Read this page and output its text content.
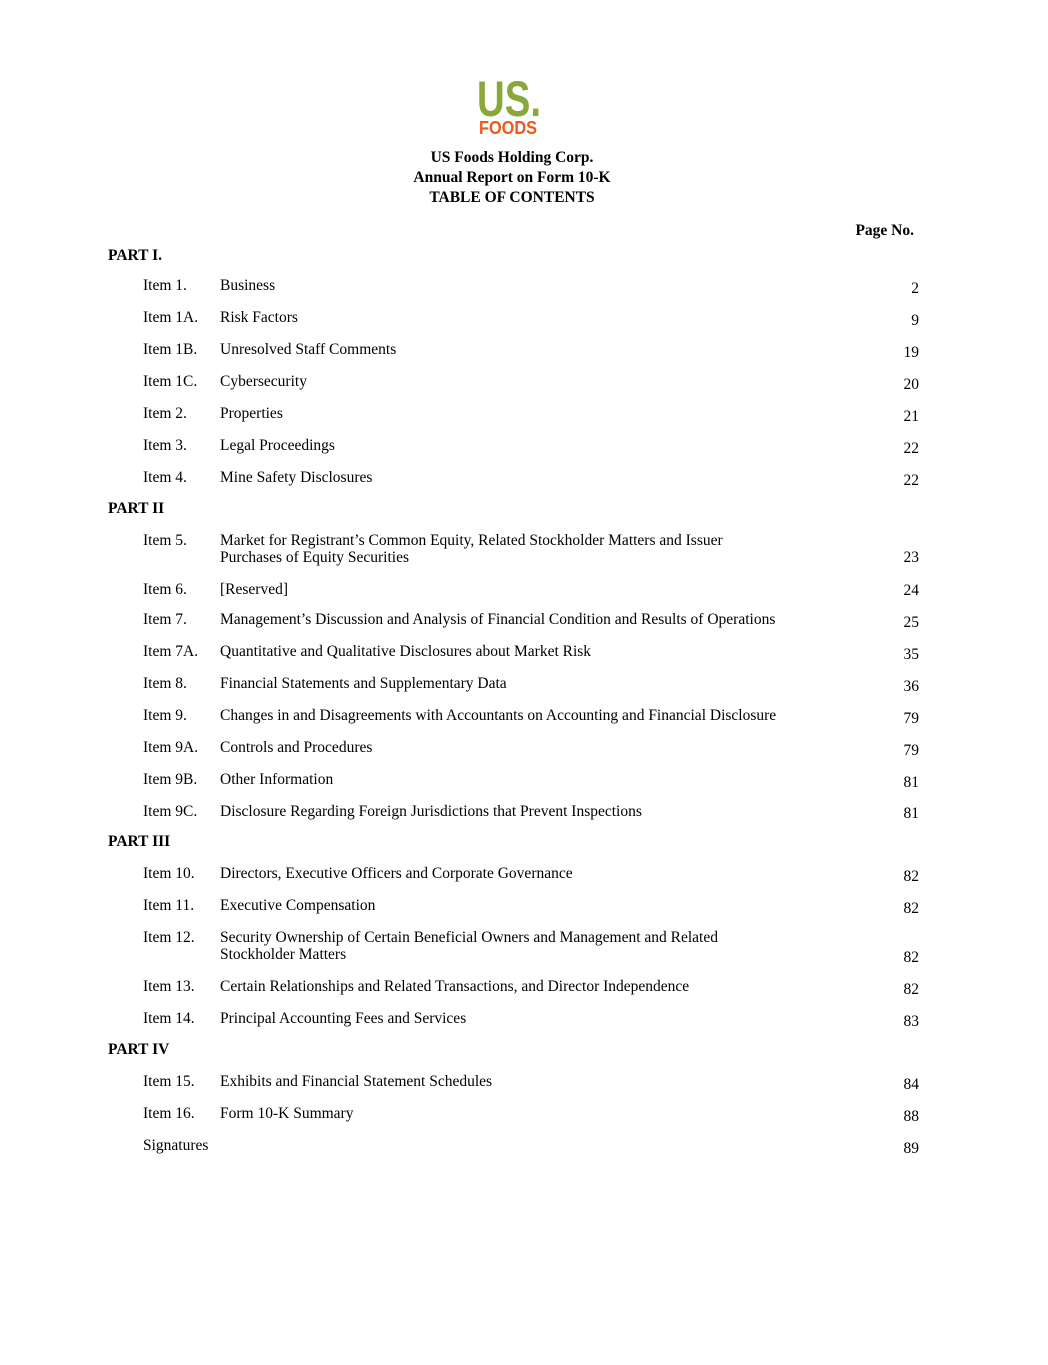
US.
FOODS
US Foods Holding Corp.
Annual Report on Form 10-K
TABLE OF CONTENTS
Page No.
PART I.
Item 1. Business	2
Item 1A. Risk Factors	9
Item 1B. Unresolved Staff Comments	19
Item 1C. Cybersecurity	20
Item 2. Properties	21
Item 3. Legal Proceedings	22
Item 4. Mine Safety Disclosures	22
PART II
Item 5. Market for Registrant’s Common Equity, Related Stockholder Matters and Issuer
Purchases of Equity Securities	23
Item 6. [Reserved]	24
Item 7. Management’s Discussion and Analysis of Financial Condition and Results of Operations	25
Item 7A. Quantitative and Qualitative Disclosures about Market Risk	35
Item 8. Financial Statements and Supplementary Data	36
Item 9. Changes in and Disagreements with Accountants on Accounting and Financial Disclosure	79
Item 9A. Controls and Procedures	79
Item 9B. Other Information	81
Item 9C. Disclosure Regarding Foreign Jurisdictions that Prevent Inspections	81
PART III
Item 10. Directors, Executive Officers and Corporate Governance	82
Item 11. Executive Compensation	82
Item 12. Security Ownership of Certain Beneficial Owners and Management and Related
Stockholder Matters	82
Item 13. Certain Relationships and Related Transactions, and Director Independence	82
Item 14. Principal Accounting Fees and Services	83
PART IV
Item 15. Exhibits and Financial Statement Schedules	84
Item 16. Form 10-K Summary	88
Signatures	89
